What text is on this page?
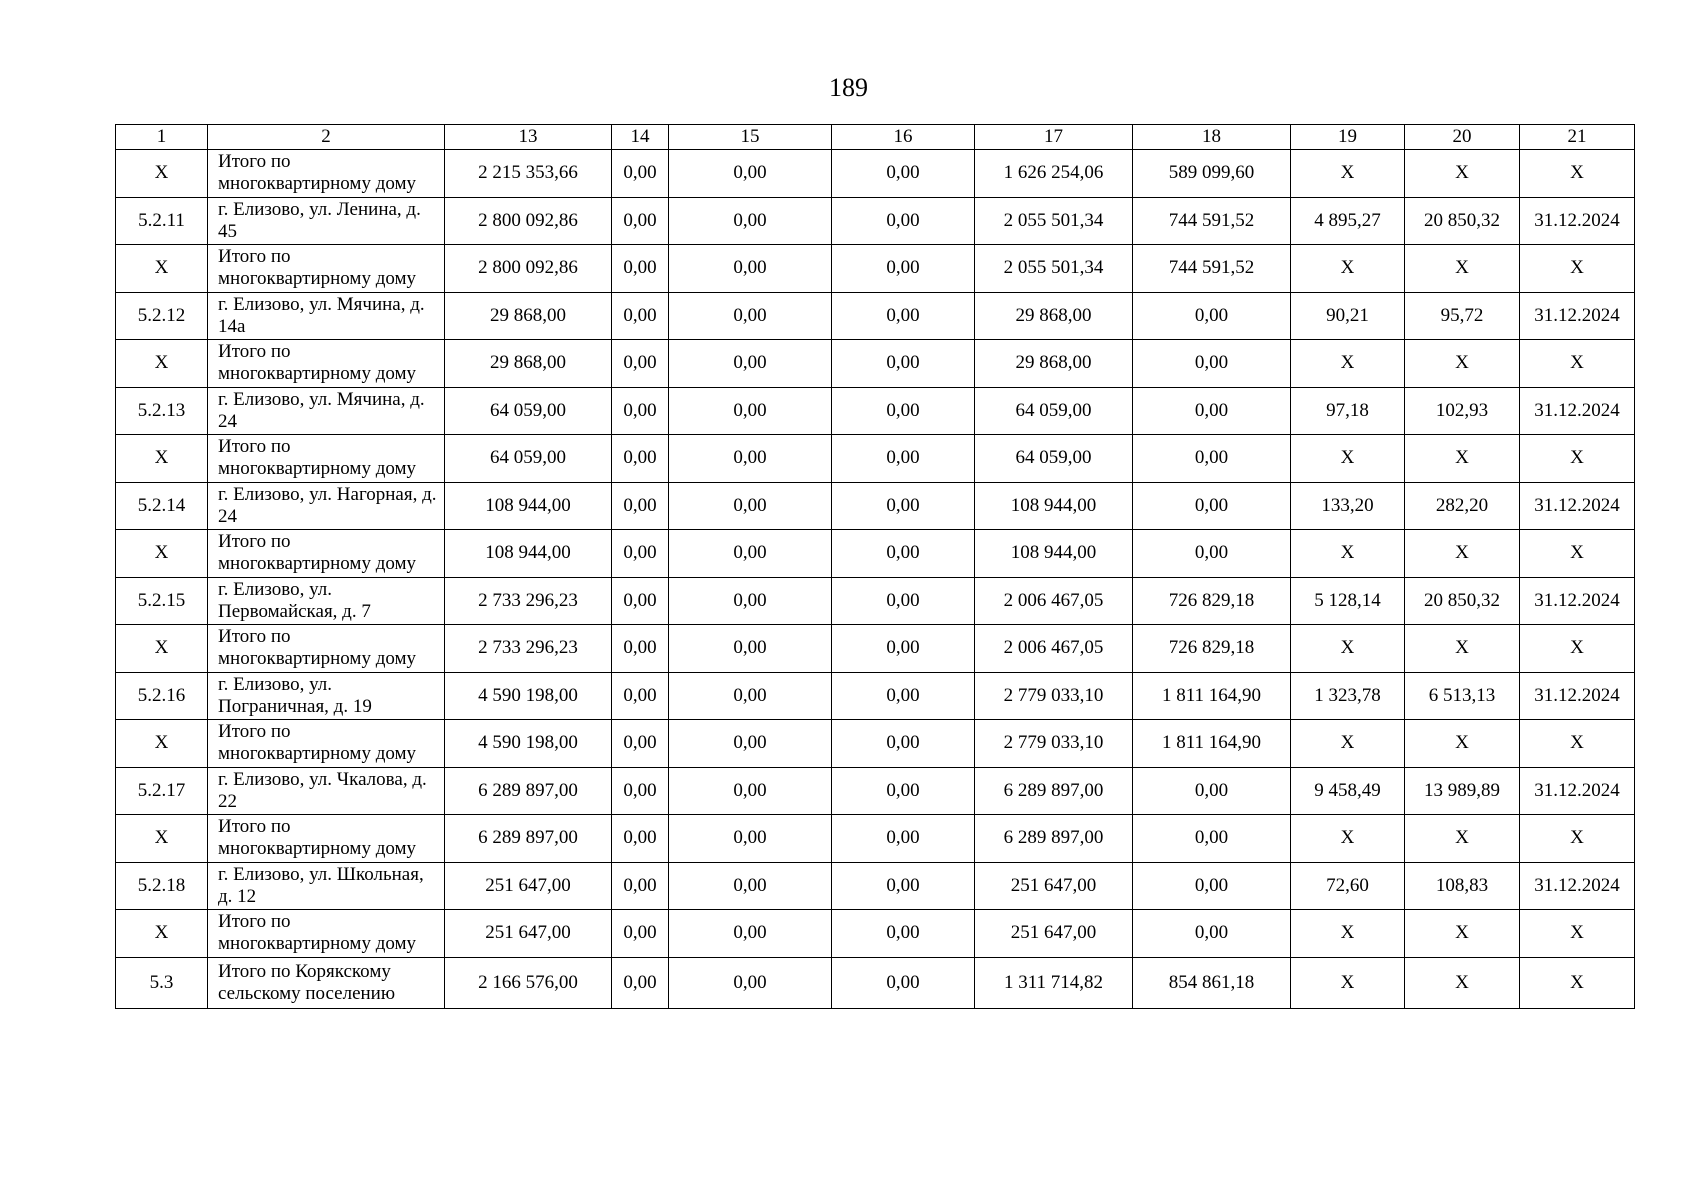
189
1	2	13	14	15	16	17	18	19	20	21
X	Итого по многоквартирному дому	2 215 353,66	0,00	0,00	0,00	1 626 254,06	589 099,60	X	X	X
5.2.11	г. Елизово, ул. Ленина, д. 45	2 800 092,86	0,00	0,00	0,00	2 055 501,34	744 591,52	4 895,27	20 850,32	31.12.2024
X	Итого по многоквартирному дому	2 800 092,86	0,00	0,00	0,00	2 055 501,34	744 591,52	X	X	X
5.2.12	г. Елизово, ул. Мячина, д. 14а	29 868,00	0,00	0,00	0,00	29 868,00	0,00	90,21	95,72	31.12.2024
X	Итого по многоквартирному дому	29 868,00	0,00	0,00	0,00	29 868,00	0,00	X	X	X
5.2.13	г. Елизово, ул. Мячина, д. 24	64 059,00	0,00	0,00	0,00	64 059,00	0,00	97,18	102,93	31.12.2024
X	Итого по многоквартирному дому	64 059,00	0,00	0,00	0,00	64 059,00	0,00	X	X	X
5.2.14	г. Елизово, ул. Нагорная, д. 24	108 944,00	0,00	0,00	0,00	108 944,00	0,00	133,20	282,20	31.12.2024
X	Итого по многоквартирному дому	108 944,00	0,00	0,00	0,00	108 944,00	0,00	X	X	X
5.2.15	г. Елизово, ул. Первомайская, д. 7	2 733 296,23	0,00	0,00	0,00	2 006 467,05	726 829,18	5 128,14	20 850,32	31.12.2024
X	Итого по многоквартирному дому	2 733 296,23	0,00	0,00	0,00	2 006 467,05	726 829,18	X	X	X
5.2.16	г. Елизово, ул. Пограничная, д. 19	4 590 198,00	0,00	0,00	0,00	2 779 033,10	1 811 164,90	1 323,78	6 513,13	31.12.2024
X	Итого по многоквартирному дому	4 590 198,00	0,00	0,00	0,00	2 779 033,10	1 811 164,90	X	X	X
5.2.17	г. Елизово, ул. Чкалова, д. 22	6 289 897,00	0,00	0,00	0,00	6 289 897,00	0,00	9 458,49	13 989,89	31.12.2024
X	Итого по многоквартирному дому	6 289 897,00	0,00	0,00	0,00	6 289 897,00	0,00	X	X	X
5.2.18	г. Елизово, ул. Школьная, д. 12	251 647,00	0,00	0,00	0,00	251 647,00	0,00	72,60	108,83	31.12.2024
X	Итого по многоквартирному дому	251 647,00	0,00	0,00	0,00	251 647,00	0,00	X	X	X
5.3	Итого по Корякскому сельскому поселению	2 166 576,00	0,00	0,00	0,00	1 311 714,82	854 861,18	X	X	X
